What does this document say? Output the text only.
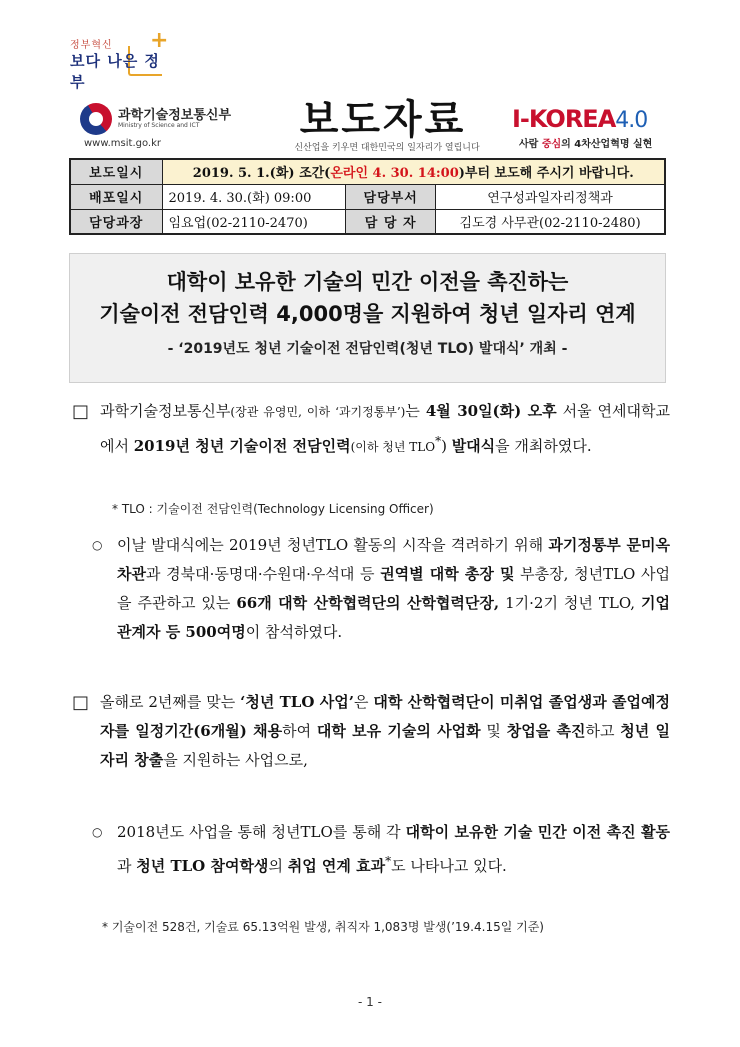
정부혁신
보다 나은 정부
+
과학기술정보통신부
Ministry of Science and ICT
www.msit.go.kr
보도자료
신산업을 키우면 대한민국의 일자리가 열립니다
I-KOREA4.0
사람 중심의 4차산업혁명 실현
보도일시	2019. 5. 1.(화) 조간(온라인 4. 30. 14:00)부터 보도해 주시기 바랍니다.		
배포일시	2019. 4. 30.(화) 09:00	담당부서	연구성과일자리정책과
담당과장	임요업(02-2110-2470)	담 당 자	김도경 사무관(02-2110-2480)
대학이 보유한 기술의 민간 이전을 촉진하는
기술이전 전담인력 4,000명을 지원하여 청년 일자리 연계
- ‘2019년도 청년 기술이전 전담인력(청년 TLO) 발대식’ 개최 -
□ 과학기술정보통신부(장관 유영민, 이하 ‘과기정통부’)는 4월 30일(화) 오후 서울 연세대학교에서 2019년 청년 기술이전 전담인력(이하 청년 TLO*) 발대식을 개최하였다.
* TLO : 기술이전 전담인력(Technology Licensing Officer)
○ 이날 발대식에는 2019년 청년TLO 활동의 시작을 격려하기 위해 과기정통부 문미옥 차관과 경북대·동명대·수원대·우석대 등 권역별 대학 총장 및 부총장, 청년TLO 사업을 주관하고 있는 66개 대학 산학협력단의 산학협력단장, 1기·2기 청년 TLO, 기업 관계자 등 500여명이 참석하였다.
□ 올해로 2년째를 맞는 ‘청년 TLO 사업’은 대학 산학협력단이 미취업 졸업생과 졸업예정자를 일정기간(6개월) 채용하여 대학 보유 기술의 사업화 및 창업을 촉진하고 청년 일자리 창출을 지원하는 사업으로,
○ 2018년도 사업을 통해 청년TLO를 통해 각 대학이 보유한 기술 민간 이전 촉진 활동과 청년 TLO 참여학생의 취업 연계 효과*도 나타나고 있다.
* 기술이전 528건, 기술료 65.13억원 발생, 취직자 1,083명 발생(’19.4.15일 기준)
- 1 -
